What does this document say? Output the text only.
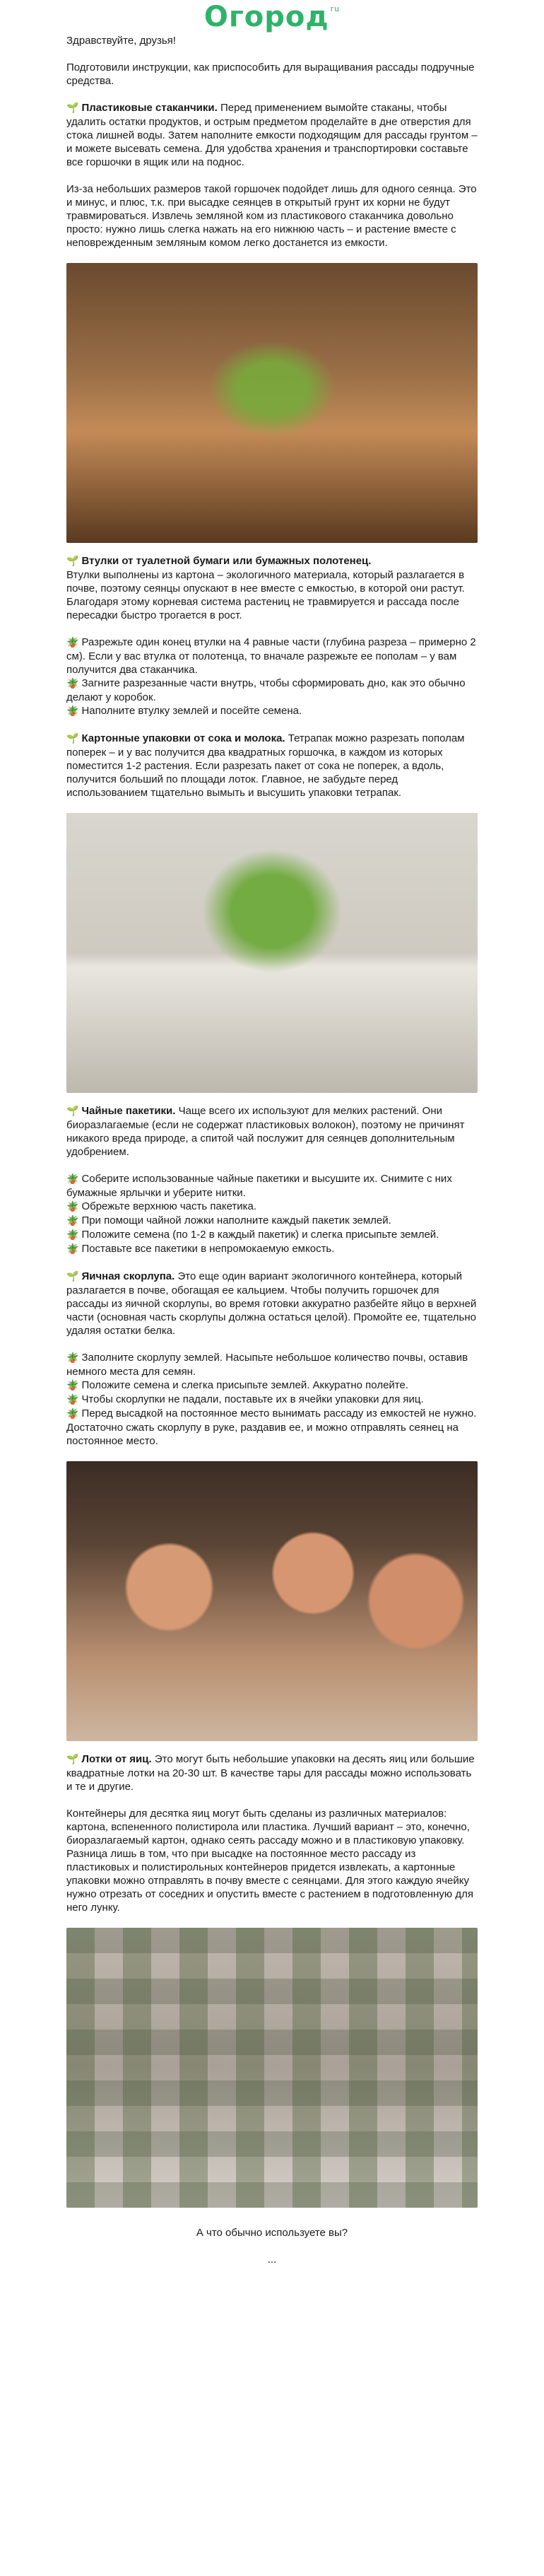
Огород$^{ru}$

Здравствуйте, друзья!

Подготовили инструкции, как приспособить для выращивания рассады подручные средства.

🌱 Пластиковые стаканчики. Перед применением вымойте стаканы, чтобы удалить остатки продуктов, и острым предметом проделайте в дне отверстия для стока лишней воды. Затем наполните емкости подходящим для рассады грунтом – и можете высевать семена. Для удобства хранения и транспортировки составьте все горшочки в ящик или на поднос.

Из-за небольших размеров такой горшочек подойдет лишь для одного сеянца. Это и минус, и плюс, т.к. при высадке сеянцев в открытый грунт их корни не будут травмироваться. Извлечь земляной ком из пластикового стаканчика довольно просто: нужно лишь слегка нажать на его нижнюю часть – и растение вместе с неповрежденным земляным комом легко достанется из емкости.

🌱 Втулки от туалетной бумаги или бумажных полотенец.
Втулки выполнены из картона – экологичного материала, который разлагается в почве, поэтому сеянцы опускают в нее вместе с емкостью, в которой они растут. Благодаря этому корневая система растениц не травмируется и рассада после пересадки быстро трогается в рост.

🪴 Разрежьте один конец втулки на 4 равные части (глубина разреза – примерно 2 см). Если у вас втулка от полотенца, то вначале разрежьте ее пополам – у вам получится два стаканчика.
🪴 Загните разрезанные части внутрь, чтобы сформировать дно, как это обычно делают у коробок.
🪴 Наполните втулку землей и посейте семена.

🌱 Картонные упаковки от сока и молока. Тетрапак можно разрезать пополам поперек – и у вас получится два квадратных горшочка, в каждом из которых поместится 1-2 растения. Если разрезать пакет от сока не поперек, а вдоль, получится больший по площади лоток. Главное, не забудьте перед использованием тщательно вымыть и высушить упаковки тетрапак.

🌱 Чайные пакетики. Чаще всего их используют для мелких растений. Они биоразлагаемые (если не содержат пластиковых волокон), поэтому не причинят никакого вреда природе, а спитой чай послужит для сеянцев дополнительным удобрением.

🪴 Соберите использованные чайные пакетики и высушите их. Снимите с них бумажные ярлычки и уберите нитки.
🪴 Обрежьте верхнюю часть пакетика.
🪴 При помощи чайной ложки наполните каждый пакетик землей.
🪴 Положите семена (по 1-2 в каждый пакетик) и слегка присыпьте землей.
🪴 Поставьте все пакетики в непромокаемую емкость.

🌱 Яичная скорлупа. Это еще один вариант экологичного контейнера, который разлагается в почве, обогащая ее кальцием. Чтобы получить горшочек для рассады из яичной скорлупы, во время готовки аккуратно разбейте яйцо в верхней части (основная часть скорлупы должна остаться целой). Промойте ее, тщательно удаляя остатки белка.

🪴 Заполните скорлупу землей. Насыпьте небольшое количество почвы, оставив немного места для семян.
🪴 Положите семена и слегка присыпьте землей. Аккуратно полейте.
🪴 Чтобы скорлупки не падали, поставьте их в ячейки упаковки для яиц.
🪴 Перед высадкой на постоянное место вынимать рассаду из емкостей не нужно. Достаточно сжать скорлупу в руке, раздавив ее, и можно отправлять сеянец на постоянное место.

🌱 Лотки от яиц. Это могут быть небольшие упаковки на десять яиц или большие квадратные лотки на 20-30 шт. В качестве тары для рассады можно использовать и те и другие.

Контейнеры для десятка яиц могут быть сделаны из различных материалов: картона, вспененного полистирола или пластика. Лучший вариант – это, конечно, биоразлагаемый картон, однако сеять рассаду можно и в пластиковую упаковку. Разница лишь в том, что при высадке на постоянное место рассаду из пластиковых и полистирольных контейнеров придется извлекать, а картонные упаковки можно отправлять в почву вместе с сеянцами. Для этого каждую ячейку нужно отрезать от соседних и опустить вместе с растением в подготовленную для него лунку.

А что обычно используете вы?

...
